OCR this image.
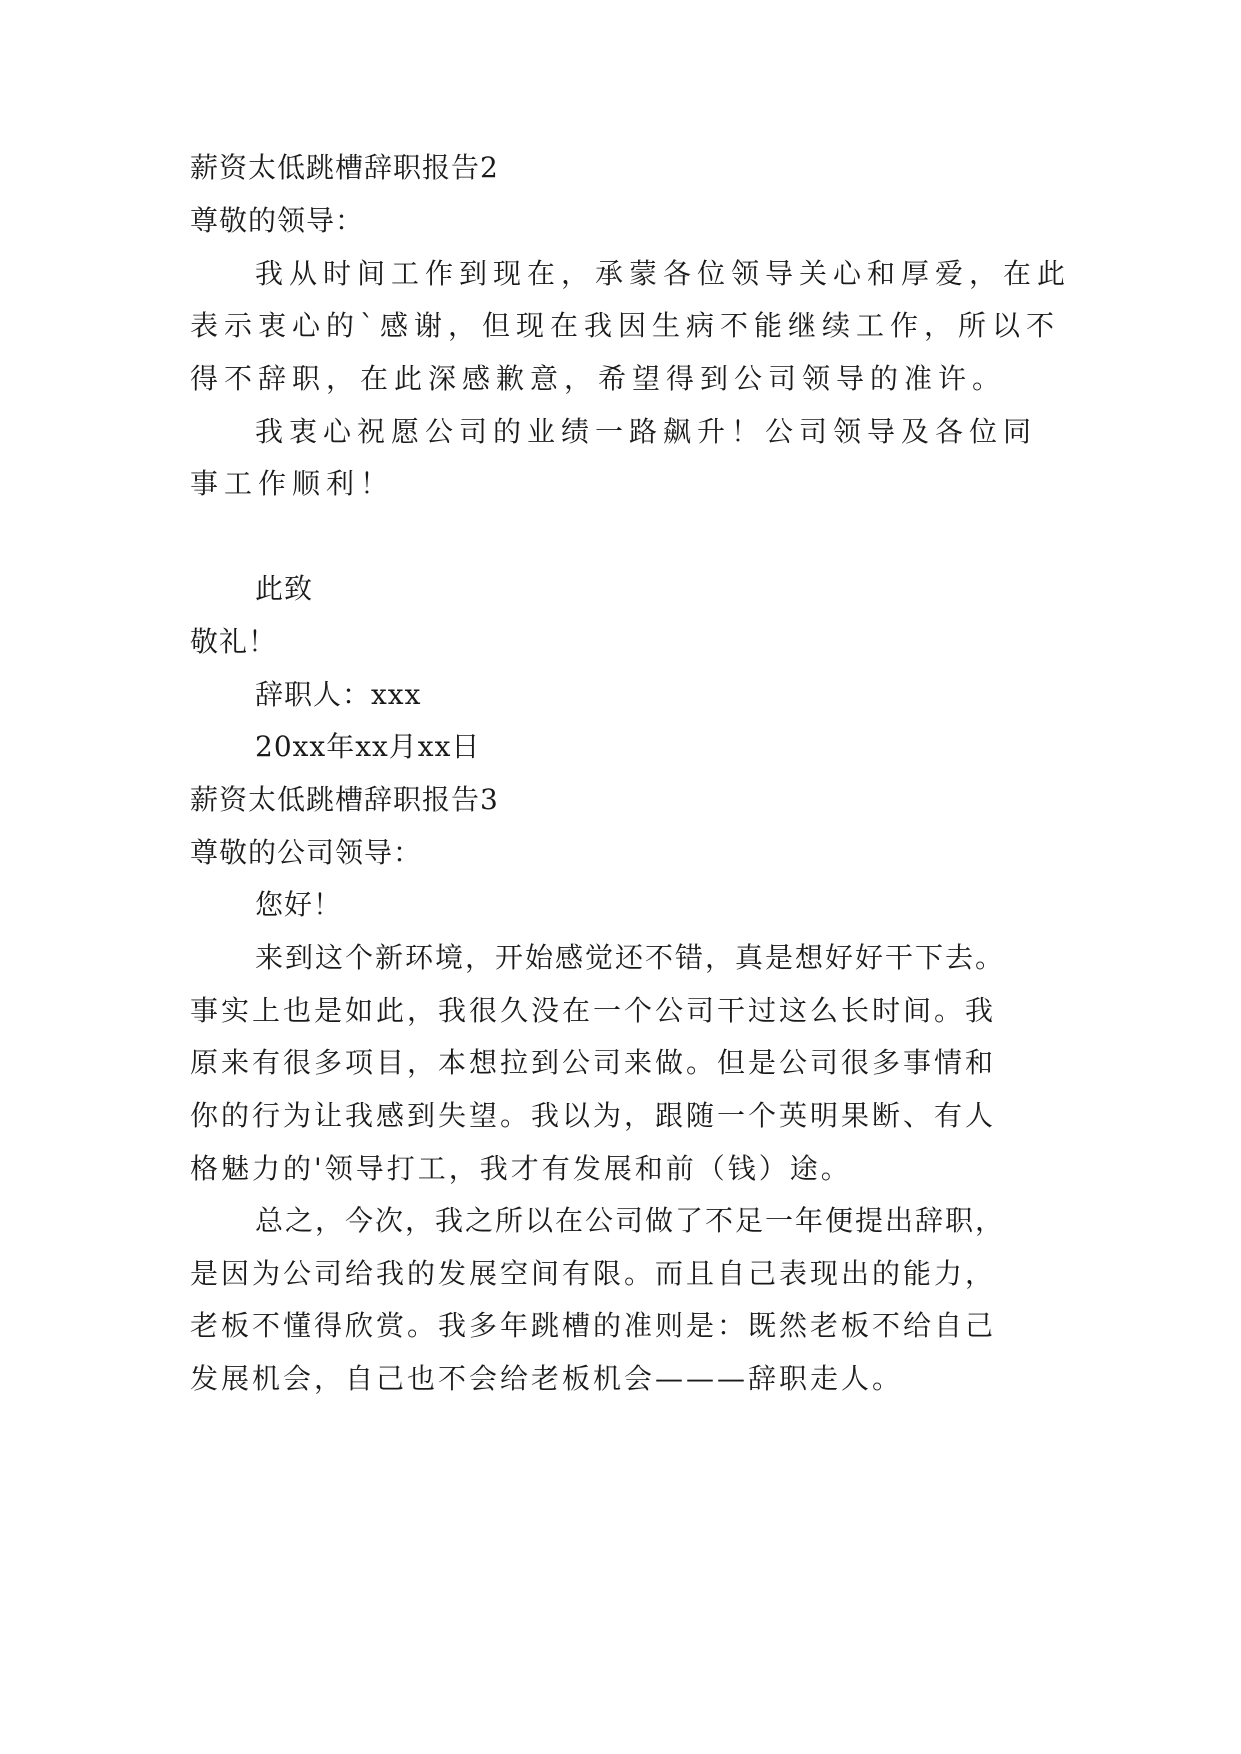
薪资太低跳槽辞职报告2
尊敬的领导：
我从时间工作到现在，承蒙各位领导关心和厚爱，在此
表示衷心的`感谢，但现在我因生病不能继续工作，所以不
得不辞职，在此深感歉意，希望得到公司领导的准许。
我衷心祝愿公司的业绩一路飙升！公司领导及各位同
事工作顺利！
此致
敬礼！
辞职人：xxx
20xx年xx月xx日
薪资太低跳槽辞职报告3
尊敬的公司领导：
您好！
来到这个新环境，开始感觉还不错，真是想好好干下去。
事实上也是如此，我很久没在一个公司干过这么长时间。我
原来有很多项目，本想拉到公司来做。但是公司很多事情和
你的行为让我感到失望。我以为，跟随一个英明果断、有人
格魅力的'领导打工，我才有发展和前（钱）途。
总之，今次，我之所以在公司做了不足一年便提出辞职，
是因为公司给我的发展空间有限。而且自己表现出的能力，
老板不懂得欣赏。我多年跳槽的准则是：既然老板不给自己
发展机会，自己也不会给老板机会———辞职走人。
